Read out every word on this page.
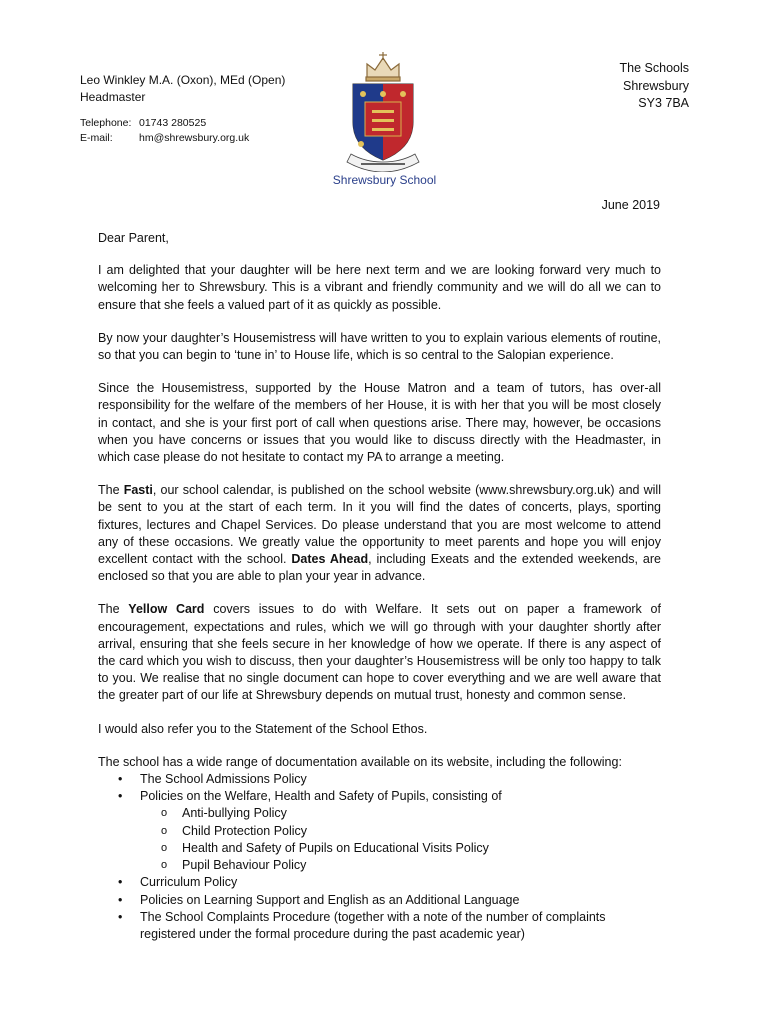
Leo Winkley M.A. (Oxon), MEd (Open)
Headmaster
Telephone: 01743 280525
E-mail:	hm@shrewsbury.org.uk
Shrewsbury School
The Schools
Shrewsbury
SY3 7BA
June 2019

Dear Parent,

I am delighted that your daughter will be here next term and we are looking forward very much to welcoming her to Shrewsbury. This is a vibrant and friendly community and we will do all we can to ensure that she feels a valued part of it as quickly as possible.

By now your daughter’s Housemistress will have written to you to explain various elements of routine, so that you can begin to ‘tune in’ to House life, which is so central to the Salopian experience.

Since the Housemistress, supported by the House Matron and a team of tutors, has over-all responsibility for the welfare of the members of her House, it is with her that you will be most closely in contact, and she is your first port of call when questions arise. There may, however, be occasions when you have concerns or issues that you would like to discuss directly with the Headmaster, in which case please do not hesitate to contact my PA to arrange a meeting.

The Fasti, our school calendar, is published on the school website (www.shrewsbury.org.uk) and will be sent to you at the start of each term. In it you will find the dates of concerts, plays, sporting fixtures, lectures and Chapel Services. Do please understand that you are most welcome to attend any of these occasions. We greatly value the opportunity to meet parents and hope you will enjoy excellent contact with the school. Dates Ahead, including Exeats and the extended weekends, are enclosed so that you are able to plan your year in advance.

The Yellow Card covers issues to do with Welfare. It sets out on paper a framework of encouragement, expectations and rules, which we will go through with your daughter shortly after arrival, ensuring that she feels secure in her knowledge of how we operate. If there is any aspect of the card which you wish to discuss, then your daughter’s Housemistress will be only too happy to talk to you. We realise that no single document can hope to cover everything and we are well aware that the greater part of our life at Shrewsbury depends on mutual trust, honesty and common sense.

I would also refer you to the Statement of the School Ethos.

The school has a wide range of documentation available on its website, including the following:

• The School Admissions Policy
• Policies on the Welfare, Health and Safety of Pupils, consisting of
o Anti-bullying Policy
o Child Protection Policy
o Health and Safety of Pupils on Educational Visits Policy
o Pupil Behaviour Policy
• Curriculum Policy
• Policies on Learning Support and English as an Additional Language
• The School Complaints Procedure (together with a note of the number of complaints registered under the formal procedure during the past academic year)
